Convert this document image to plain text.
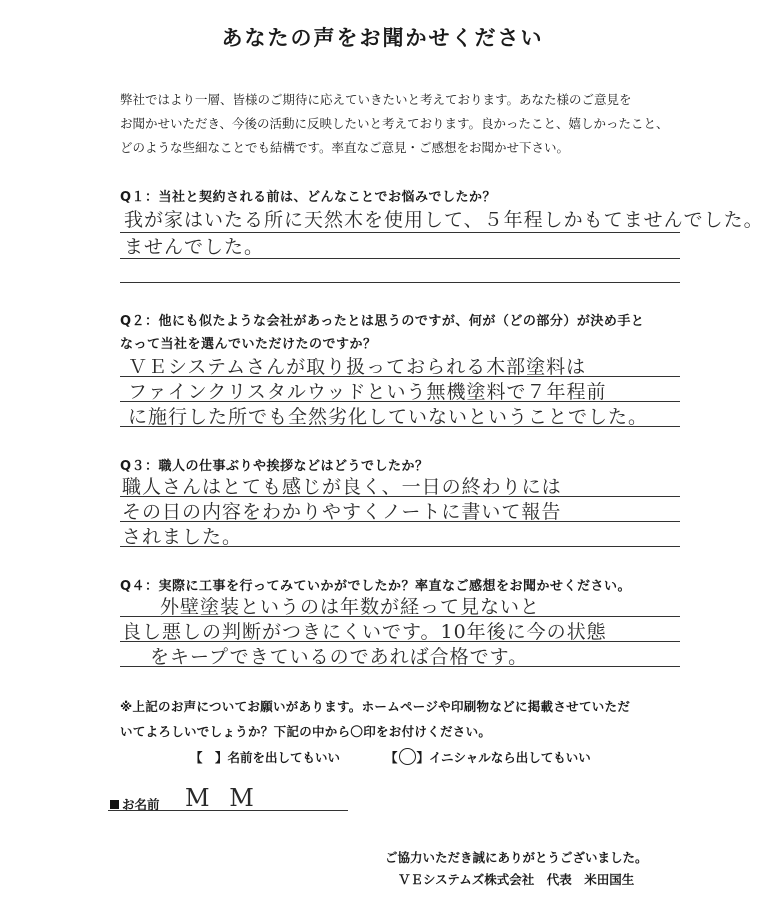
あなたの声をお聞かせください
弊社ではより一層、皆様のご期待に応えていきたいと考えております。あなた様のご意見を
お聞かせいただき、今後の活動に反映したいと考えております。良かったこと、嬉しかったこと、
どのような些細なことでも結構です。率直なご意見・ご感想をお聞かせ下さい。
Q１：当社と契約される前は、どんなことでお悩みでしたか？
我が家はいたる所に天然木を使用して、５年程しかもてませんでした。
ませんでした。
Q２：他にも似たような会社があったとは思うのですが、何が（どの部分）が決め手と
なって当社を選んでいただけたのですか？
ＶＥシステムさんが取り扱っておられる木部塗料は
ファインクリスタルウッドという無機塗料で７年程前
に施行した所でも全然劣化していないということでした。
Q３：職人の仕事ぶりや挨拶などはどうでしたか？
職人さんはとても感じが良く、一日の終わりには
その日の内容をわかりやすくノートに書いて報告
されました。
Q４：実際に工事を行ってみていかがでしたか？率直なご感想をお聞かせください。
外壁塗装というのは年数が経って見ないと
良し悪しの判断がつきにくいです。10年後に今の状態
をキープできているのであれば合格です。
※上記のお声についてお願いがあります。ホームページや印刷物などに掲載させていただ
いてよろしいでしょうか？下記の中から〇印をお付けください。
【　】名前を出してもいい	【○】イニシャルなら出してもいい
お名前 M M
ご協力いただき誠にありがとうございました。
ＶＥシステムズ株式会社　代表　米田国生
